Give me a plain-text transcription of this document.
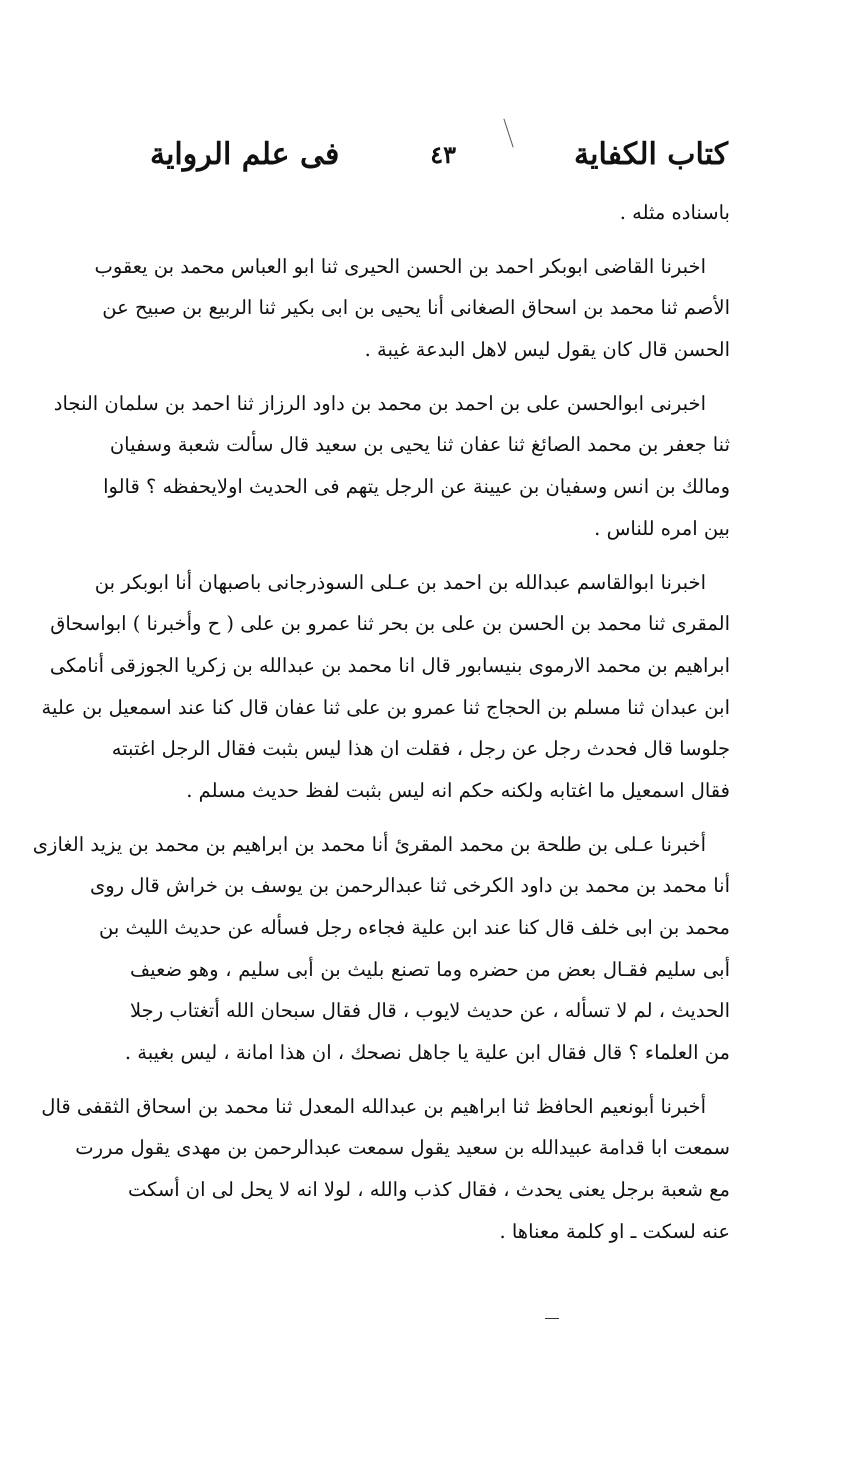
كتاب الكفاية
٤٣
فى علم الرواية
باسناده مثله .
اخبرنا القاضى ابوبكر احمد بن الحسن الحيرى ثنا ابو العباس محمد بن يعقوب
الأصم ثنا محمد بن اسحاق الصغانى أنا يحيى بن ابى بكير ثنا الربيع بن صبيح عن
الحسن قال كان يقول ليس لاهل البدعة غيبة .
اخبرنى ابوالحسن على بن احمد بن محمد بن داود الرزاز ثنا احمد بن سلمان النجاد
ثنا جعفر بن محمد الصائغ ثنا عفان ثنا يحيى بن سعيد قال سألت شعبة وسفيان
ومالك بن انس وسفيان بن عيينة عن الرجل يتهم فى الحديث اولايحفظه ؟ قالوا
بين امره للناس .
اخبرنا ابوالقاسم عبدالله بن احمد بن عـلى السوذرجانى باصبهان أنا ابوبكر بن
المقرى ثنا محمد بن الحسن بن على بن بحر ثنا عمرو بن على ( ح وأخبرنا ) ابواسحاق
ابراهيم بن محمد الارموى بنيسابور قال انا محمد بن عبدالله بن زكريا الجوزقى أنامكى
ابن عبدان ثنا مسلم بن الحجاج ثنا عمرو بن على ثنا عفان قال كنا عند اسمعيل بن علية
جلوسا قال فحدث رجل عن رجل ، فقلت ان هذا ليس بثبت فقال الرجل اغتبته
فقال اسمعيل ما اغتابه ولكنه حكم انه ليس بثبت لفظ حديث مسلم .
أخبرنا عـلى بن طلحة بن محمد المقرئ أنا محمد بن ابراهيم بن محمد بن يزيد الغازى
أنا محمد بن محمد بن داود الكرخى ثنا عبدالرحمن بن يوسف بن خراش قال روى
محمد بن ابى خلف قال كنا عند ابن علية فجاءه رجل فسأله عن حديث الليث بن
أبى سليم فقـال بعض من حضره وما تصنع بليث بن أبى سليم ، وهو ضعيف
الحديث ، لم لا تسأله ، عن حديث لايوب ، قال فقال سبحان الله أتغتاب رجلا
من العلماء ؟ قال فقال ابن علية يا جاهل نصحك ، ان هذا امانة ، ليس بغيبة .
أخبرنا أبونعيم الحافظ ثنا ابراهيم بن عبدالله المعدل ثنا محمد بن اسحاق الثقفى قال
سمعت ابا قدامة عبيدالله بن سعيد يقول سمعت عبدالرحمن بن مهدى يقول مررت
مع شعبة برجل يعنى يحدث ، فقال كذب والله ، لولا انه لا يحل لى ان أسكت
عنه لسكت ـ او كلمة معناها .
